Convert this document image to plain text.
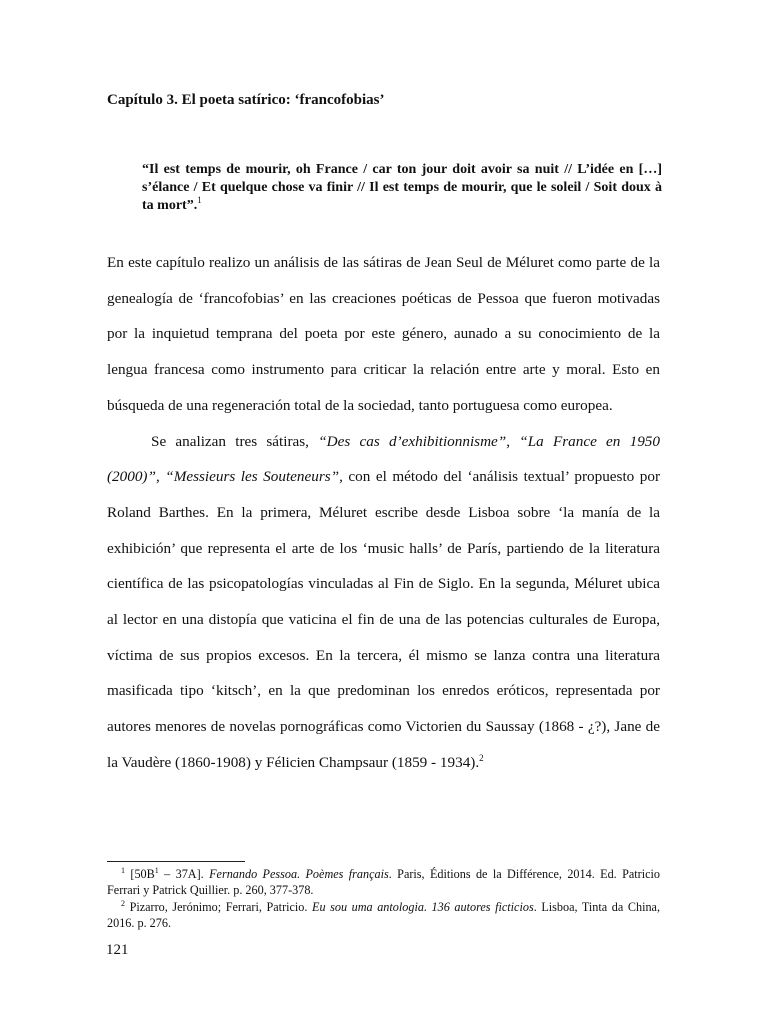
Capítulo 3. El poeta satírico: ‘francofobias’

“Il est temps de mourir, oh France / car ton jour doit avoir sa nuit // L’idée en […] s’élance / Et quelque chose va finir // Il est temps de mourir, que le soleil / Soit doux à ta mort”.$^1$

En este capítulo realizo un análisis de las sátiras de Jean Seul de Méluret como parte de la genealogía de ‘francofobias’ en las creaciones poéticas de Pessoa que fueron motivadas por la inquietud temprana del poeta por este género, aunado a su conocimiento de la lengua francesa como instrumento para criticar la relación entre arte y moral. Esto en búsqueda de una regeneración total de la sociedad, tanto portuguesa como europea.

Se analizan tres sátiras, “Des cas d’exhibitionnisme”, “La France en 1950 (2000)”, “Messieurs les Souteneurs”, con el método del ‘análisis textual’ propuesto por Roland Barthes. En la primera, Méluret escribe desde Lisboa sobre ‘la manía de la exhibición’ que representa el arte de los ‘music halls’ de París, partiendo de la literatura científica de las psicopatologías vinculadas al Fin de Siglo. En la segunda, Méluret ubica al lector en una distopía que vaticina el fin de una de las potencias culturales de Europa, víctima de sus propios excesos. En la tercera, él mismo se lanza contra una literatura masificada tipo ‘kitsch’, en la que predominan los enredos eróticos, representada por autores menores de novelas pornográficas como Victorien du Saussay (1868 - ¿?), Jane de la Vaudère (1860-1908) y Félicien Champsaur (1859 - 1934).$^2$

$^1$ $[50B^1 - 37A]$. Fernando Pessoa. Poèmes français. Paris, Éditions de la Différence, 2014. Ed. Patricio Ferrari y Patrick Quillier. p. 260, 377-378.

$^2$ Pizarro, Jerónimo; Ferrari, Patricio. Eu sou uma antologia. 136 autores ficticios. Lisboa, Tinta da China, 2016. p. 276.

121
